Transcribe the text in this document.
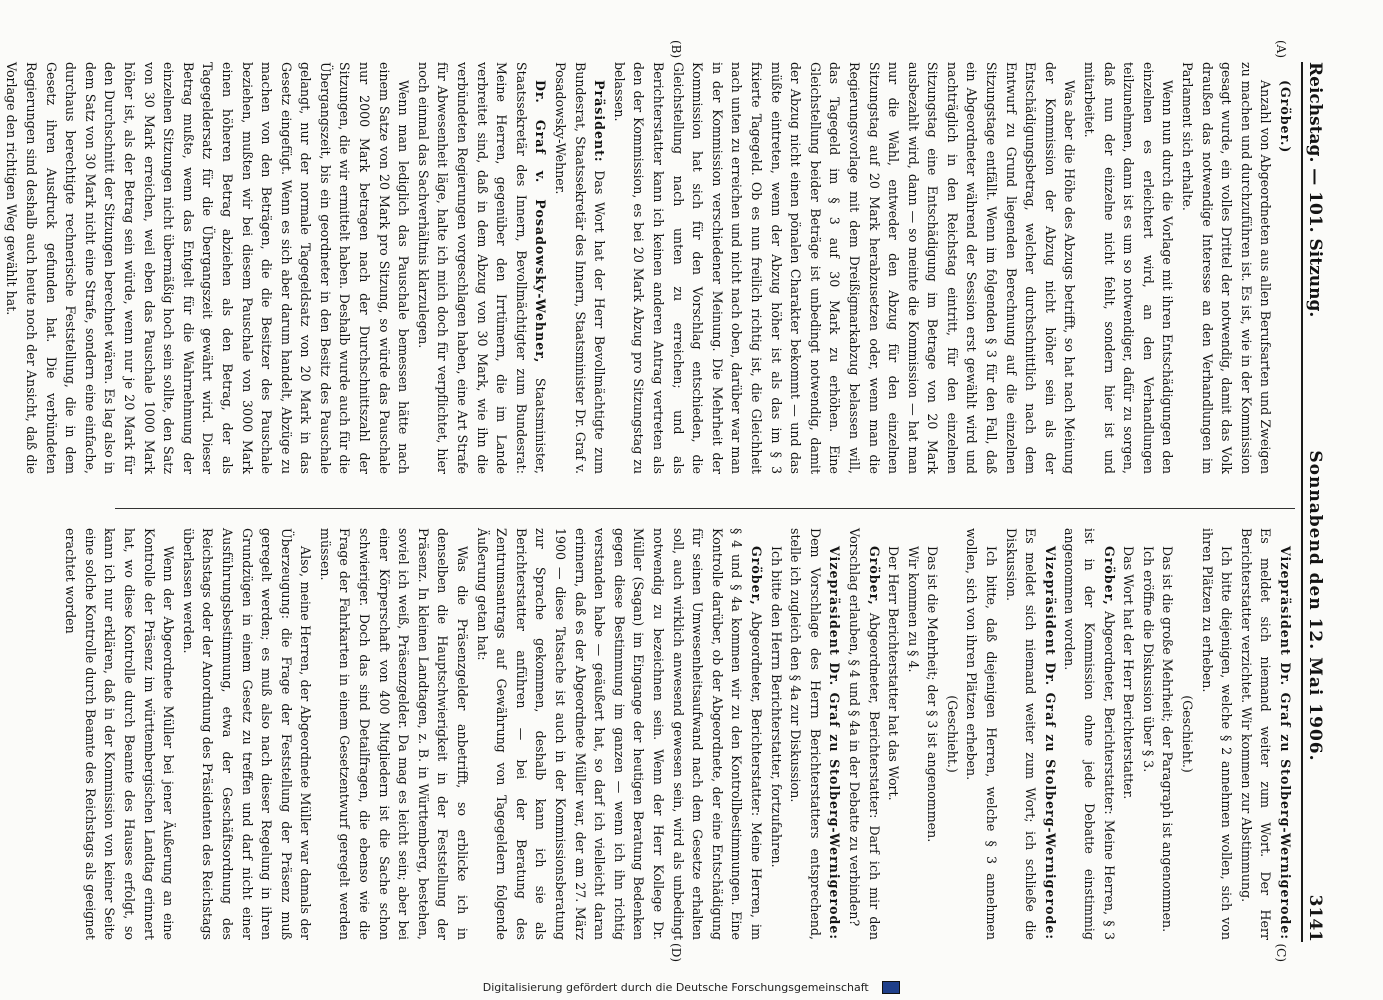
Reichstag. — 101. Sitzung.
Sonnabend den 12. Mai 1906.
3141
(A)
(B)
(C)
(D)

(Gröber.)

Anzahl von Abgeordneten aus allen Berufsarten und Zweigen zu machen und durchzuführen ist. Es ist, wie in der Kommission gesagt wurde, ein volles Drittel der notwendig, damit das Volk draußen das notwendige Interesse an den Verhandlungen im Parlament sich erhalte.

Wenn nun durch die Vorlage mit ihren Entschädigungen den einzelnen es erleichtert wird, an den Verhandlungen teilzunehmen, dann ist es um so notwendiger, dafür zu sorgen, daß nun der einzelne nicht fehlt, sondern hier ist und mitarbeitet.

Was aber die Höhe des Abzugs betrifft, so hat nach Meinung der Kommission der Abzug nicht höher sein als der Entschädigungsbetrag, welcher durchschnittlich nach dem Entwurf zu Grund liegenden Berechnung auf die einzelnen Sitzungstage entfällt. Wenn im folgenden § 3 für den Fall, daß ein Abgeordneter während der Session erst gewählt wird und nachträglich in den Reichstag eintritt, für den einzelnen Sitzungstag eine Entschädigung im Betrage von 20 Mark ausbezahlt wird, dann — so meinte die Kommission — hat man nur die Wahl, entweder den Abzug für den einzelnen Sitzungstag auf 20 Mark herabzusetzen oder, wenn man die Regierungsvorlage mit dem Dreißigmarkabzug belassen will, das Tagegeld im § 3 auf 30 Mark zu erhöhen. Eine Gleichstellung beider Beträge ist unbedingt notwendig, damit der Abzug nicht einen pönalen Charakter bekommt — und das müßte eintreten, wenn der Abzug höher ist als das im § 3 fixierte Tagegeld. Ob es nun freilich richtig ist, die Gleichheit nach unten zu erreichen und nicht nach oben, darüber war man in der Kommission verschiedener Meinung. Die Mehrheit der Kommission hat sich für den Vorschlag entschieden, die Gleichstellung nach unten zu erreichen; und als Berichterstatter kann ich keinen anderen Antrag vertreten als den der Kommission, es bei 20 Mark Abzug pro Sitzungstag zu belassen.

Präsident: Das Wort hat der Herr Bevollmächtigte zum Bundesrat, Staatssekretär des Innern, Staatsminister Dr. Graf v. Posadowsky-Wehner.

Dr. Graf v. Posadowsky-Wehner, Staatsminister, Staatssekretär des Innern, Bevollmächtigter zum Bundesrat: Meine Herren, gegenüber den Irrtümern, die im Lande verbreitet sind, daß in dem Abzug von 30 Mark, wie ihn die verbündeten Regierungen vorgeschlagen haben, eine Art Strafe für Abwesenheit läge, halte ich mich doch für verpflichtet, hier noch einmal das Sachverhältnis klarzulegen.

Wenn man lediglich das Pauschale bemessen hätte nach einem Satze von 20 Mark pro Sitzung, so würde das Pauschale nur 2000 Mark betragen nach der Durchschnittszahl der Sitzungen, die wir ermittelt haben. Deshalb wurde auch für die Übergangszeit, bis ein geordneter in den Besitz des Pauschale gelangt, nur der normale Tagegeldsatz von 20 Mark in das Gesetz eingefügt. Wenn es sich aber darum handelt, Abzüge zu machen von den Beträgen, die die Besitzer des Pauschale beziehen, mußten wir bei diesem Pauschale von 3000 Mark einen höheren Betrag abziehen als den Betrag, der als Tagegeldersatz für die Übergangszeit gewährt wird. Dieser Betrag mußte, wenn das Entgelt für die Wahrnehmung der einzelnen Sitzungen nicht übermäßig hoch sein sollte, den Satz von 30 Mark erreichen, weil eben das Pauschale 1000 Mark höher ist, als der Betrag sein würde, wenn nur je 20 Mark für den Durchschnitt der Sitzungen berechnet wären. Es lag also in dem Satz von 30 Mark nicht eine Strafe, sondern eine einfache, durchaus berechtigte rechnerische Feststellung, die in dem Gesetz ihren Ausdruck gefunden hat. Die verbündeten Regierungen sind deshalb auch heute noch der Ansicht, daß die Vorlage den richtigen Weg gewählt hat.

Vizepräsident Dr. Graf zu Stolberg-Wernigerode: Es meldet sich niemand weiter zum Wort. Der Herr Berichterstatter verzichtet. Wir kommen zur Abstimmung.

Ich bitte diejenigen, welche § 2 annehmen wollen, sich von ihren Plätzen zu erheben.

(Geschieht.)

Das ist die große Mehrheit; der Paragraph ist angenommen.

Ich eröffne die Diskussion über § 3.

Das Wort hat der Herr Berichterstatter.

Gröber, Abgeordneter, Berichterstatter: Meine Herren, § 3 ist in der Kommission ohne jede Debatte einstimmig angenommen worden.

Vizepräsident Dr. Graf zu Stolberg-Wernigerode: Es meldet sich niemand weiter zum Wort; ich schließe die Diskussion.

Ich bitte, daß diejenigen Herren, welche § 3 annehmen wollen, sich von ihren Plätzen erheben.

(Geschieht.)

Das ist die Mehrheit; der § 3 ist angenommen.

Wir kommen zu § 4.

Der Herr Berichterstatter hat das Wort.

Gröber, Abgeordneter, Berichterstatter: Darf ich mir den Vorschlag erlauben, § 4 und § 4a in der Debatte zu verbinden?

Vizepräsident Dr. Graf zu Stolberg-Wernigerode: Dem Vorschlage des Herrn Berichterstatters entsprechend, stelle ich zugleich den § 4a zur Diskussion.

Ich bitte den Herrn Berichterstatter, fortzufahren.

Gröber, Abgeordneter, Berichterstatter: Meine Herren, im § 4 und § 4a kommen wir zu den Kontrollbestimmungen. Eine Kontrolle darüber, ob der Abgeordnete, der eine Entschädigung für seinen Umwesenheitsaufwand nach dem Gesetze erhalten soll, auch wirklich anwesend gewesen sein, wird als unbedingt notwendig zu bezeichnen sein. Wenn der Herr Kollege Dr. Müller (Sagan) im Eingange der heutigen Beratung Bedenken gegen diese Bestimmung im ganzen — wenn ich ihn richtig verstanden habe — geäußert hat, so darf ich vielleicht daran erinnern, daß es der Abgeordnete Müller war, der am 27. März 1900 — diese Tatsache ist auch in der Kommissionsberatung zur Sprache gekommen, deshalb kann ich sie als Berichterstatter anführen — bei der Beratung des Zentrumsantrags auf Gewährung von Tagegeldern folgende Äußerung getan hat:

Was die Präsenzgelder anbetrifft, so erblicke ich in denselben die Hauptschwierigkeit in der Feststellung der Präsenz. In kleinen Landtagen, z. B. in Württemberg, bestehen, soviel ich weiß, Präsenzgelder. Da mag es leicht sein; aber bei einer Körperschaft von 400 Mitgliedern ist die Sache schon schwieriger. Doch das sind Detailfragen, die ebenso wie die Frage der Fahrkarten in einem Gesetzentwurf geregelt werden müssen.

Also, meine Herren, der Abgeordnete Müller war damals der Überzeugung: die Frage der Feststellung der Präsenz muß geregelt werden; es muß also nach dieser Regelung in ihren Grundzügen in einem Gesetz zu treffen und darf nicht einer Ausführungsbestimmung, etwa der Geschäftsordnung des Reichstags oder der Anordnung des Präsidenten des Reichstags überlassen werden.

Wenn der Abgeordnete Müller bei jener Äußerung an eine Kontrolle der Präsenz im württembergischen Landtag erinnert hat, wo diese Kontrolle durch Beamte des Hauses erfolgt, so kann ich nur erklären, daß in der Kommission von keiner Seite eine solche Kontrolle durch Beamte des Reichstags als geeignet erachtet worden

Digitalisierung gefördert durch die Deutsche Forschungsgemeinschaft
